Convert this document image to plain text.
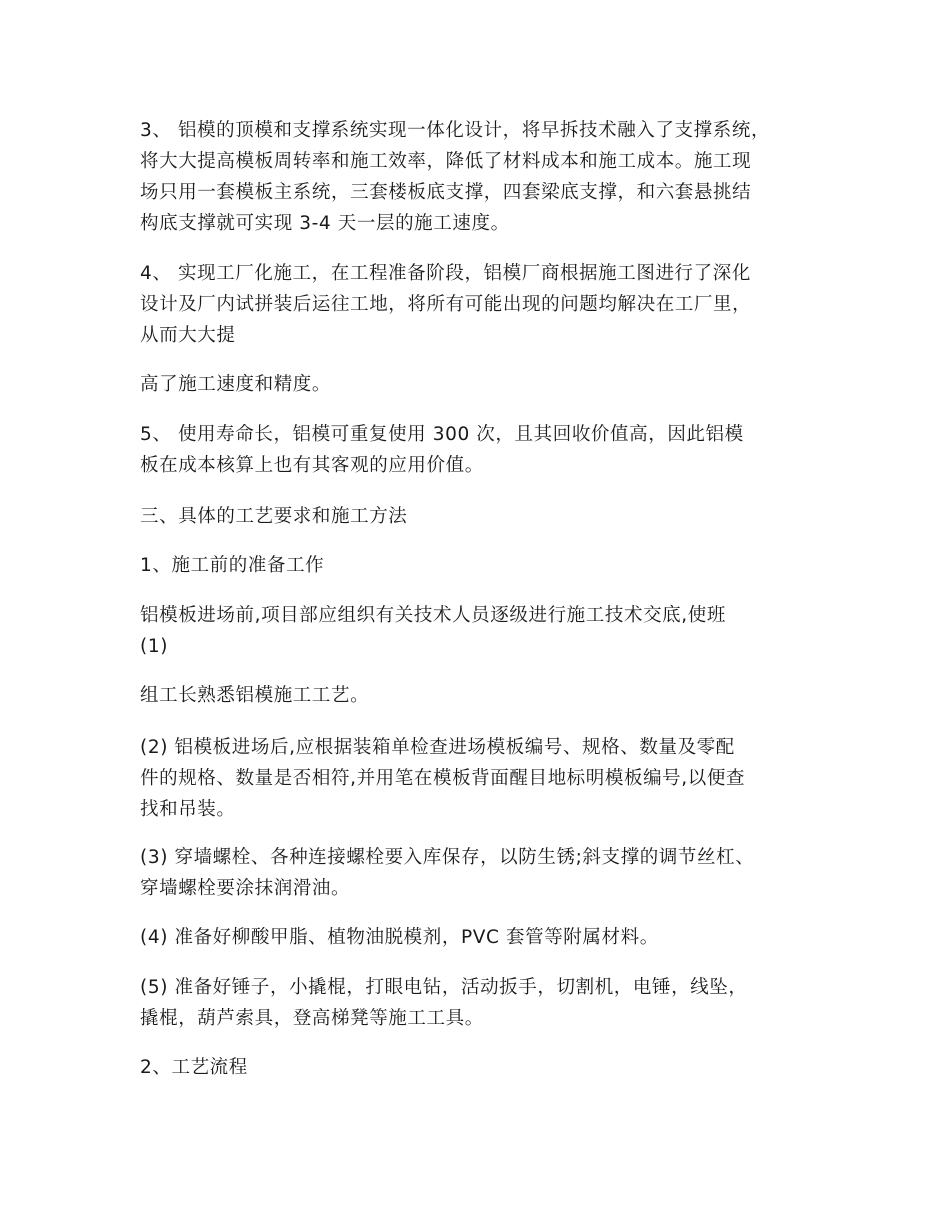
3、 铝模的顶模和支撑系统实现一体化设计，将早拆技术融入了支撑系统，
将大大提高模板周转率和施工效率，降低了材料成本和施工成本。施工现
场只用一套模板主系统，三套楼板底支撑，四套梁底支撑，和六套悬挑结
构底支撑就可实现 3-4 天一层的施工速度。

4、 实现工厂化施工，在工程准备阶段，铝模厂商根据施工图进行了深化
设计及厂内试拼装后运往工地，将所有可能出现的问题均解决在工厂里，
从而大大提

高了施工速度和精度。

5、 使用寿命长，铝模可重复使用 300 次，且其回收价值高，因此铝模
板在成本核算上也有其客观的应用价值。

三、具体的工艺要求和施工方法

1、施工前的准备工作

铝模板进场前,项目部应组织有关技术人员逐级进行施工技术交底,使班
(1)

组工长熟悉铝模施工工艺。

(2) 铝模板进场后,应根据装箱单检查进场模板编号、规格、数量及零配
件的规格、数量是否相符,并用笔在模板背面醒目地标明模板编号,以便查
找和吊装。

(3) 穿墙螺栓、各种连接螺栓要入库保存，以防生锈;斜支撑的调节丝杠、
穿墙螺栓要涂抹润滑油。

(4) 准备好柳酸甲脂、植物油脱模剂，PVC 套管等附属材料。

(5) 准备好锤子，小撬棍，打眼电钻，活动扳手，切割机，电锤，线坠，
撬棍，葫芦索具，登高梯凳等施工工具。

2、工艺流程
